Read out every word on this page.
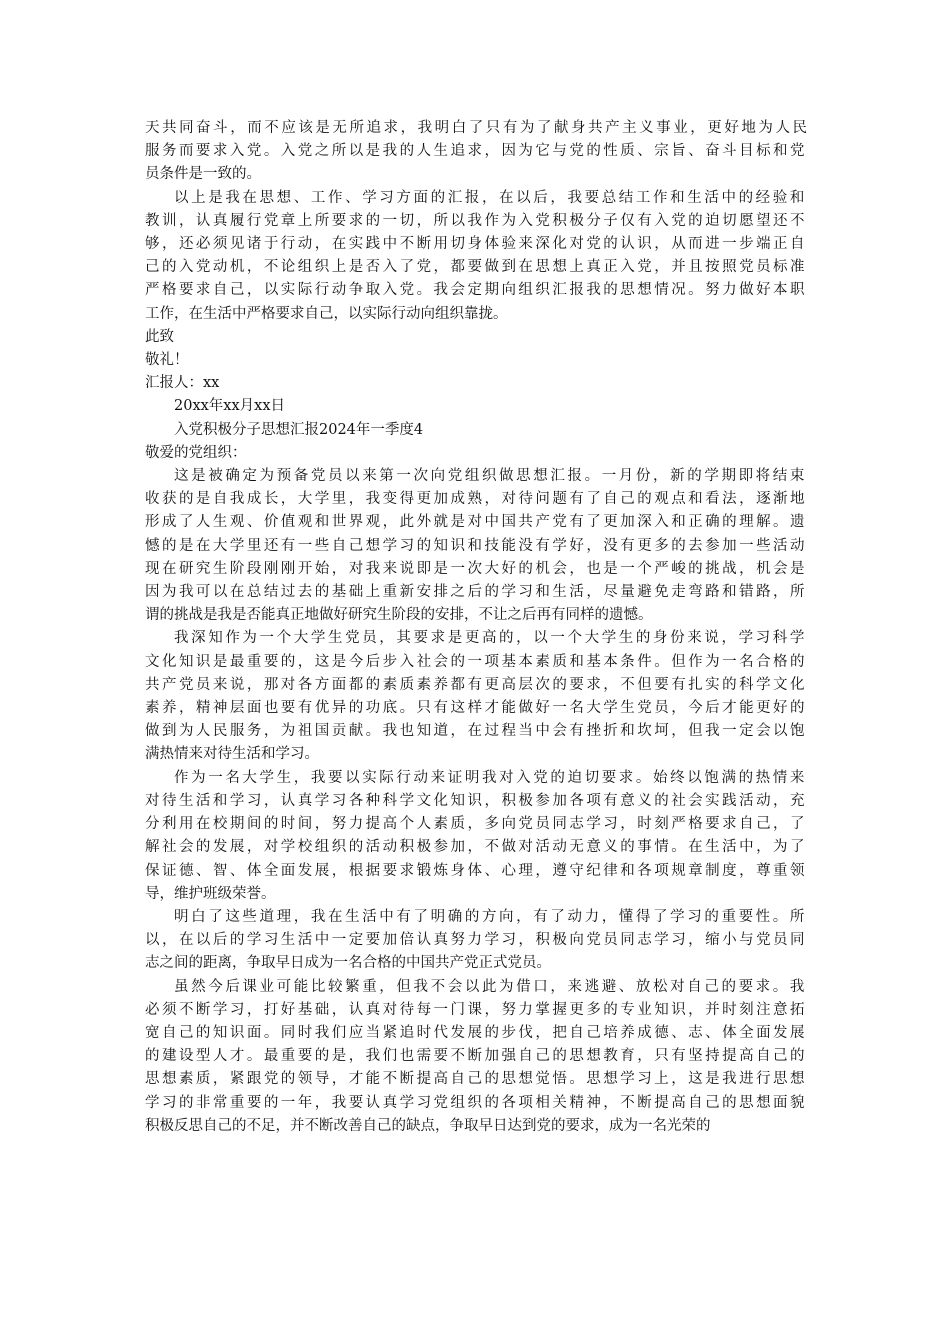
天共同奋斗，而不应该是无所追求，我明白了只有为了献身共产主义事业，更好地为人民
服务而要求入党。入党之所以是我的人生追求，因为它与党的性质、宗旨、奋斗目标和党
员条件是一致的。
以上是我在思想、工作、学习方面的汇报，在以后，我要总结工作和生活中的经验和
教训，认真履行党章上所要求的一切，所以我作为入党积极分子仅有入党的迫切愿望还不
够，还必须见诸于行动，在实践中不断用切身体验来深化对党的认识，从而进一步端正自
己的入党动机，不论组织上是否入了党，都要做到在思想上真正入党，并且按照党员标准
严格要求自己，以实际行动争取入党。我会定期向组织汇报我的思想情况。努力做好本职
工作，在生活中严格要求自己，以实际行动向组织靠拢。
此致
敬礼！
汇报人：xx
20xx年xx月xx日
入党积极分子思想汇报2024年一季度4
敬爱的党组织：
这是被确定为预备党员以来第一次向党组织做思想汇报。一月份，新的学期即将结束
收获的是自我成长，大学里，我变得更加成熟，对待问题有了自己的观点和看法，逐渐地
形成了人生观、价值观和世界观，此外就是对中国共产党有了更加深入和正确的理解。遗
憾的是在大学里还有一些自己想学习的知识和技能没有学好，没有更多的去参加一些活动
现在研究生阶段刚刚开始，对我来说即是一次大好的机会，也是一个严峻的挑战，机会是
因为我可以在总结过去的基础上重新安排之后的学习和生活，尽量避免走弯路和错路，所
谓的挑战是我是否能真正地做好研究生阶段的安排，不让之后再有同样的遗憾。
我深知作为一个大学生党员，其要求是更高的，以一个大学生的身份来说，学习科学
文化知识是最重要的，这是今后步入社会的一项基本素质和基本条件。但作为一名合格的
共产党员来说，那对各方面都的素质素养都有更高层次的要求，不但要有扎实的科学文化
素养，精神层面也要有优异的功底。只有这样才能做好一名大学生党员，今后才能更好的
做到为人民服务，为祖国贡献。我也知道，在过程当中会有挫折和坎坷，但我一定会以饱
满热情来对待生活和学习。
作为一名大学生，我要以实际行动来证明我对入党的迫切要求。始终以饱满的热情来
对待生活和学习，认真学习各种科学文化知识，积极参加各项有意义的社会实践活动，充
分利用在校期间的时间，努力提高个人素质，多向党员同志学习，时刻严格要求自己，了
解社会的发展，对学校组织的活动积极参加，不做对活动无意义的事情。在生活中，为了
保证德、智、体全面发展，根据要求锻炼身体、心理，遵守纪律和各项规章制度，尊重领
导，维护班级荣誉。
明白了这些道理，我在生活中有了明确的方向，有了动力，懂得了学习的重要性。所
以，在以后的学习生活中一定要加倍认真努力学习，积极向党员同志学习，缩小与党员同
志之间的距离，争取早日成为一名合格的中国共产党正式党员。
虽然今后课业可能比较繁重，但我不会以此为借口，来逃避、放松对自己的要求。我
必须不断学习，打好基础，认真对待每一门课，努力掌握更多的专业知识，并时刻注意拓
宽自己的知识面。同时我们应当紧追时代发展的步伐，把自己培养成德、志、体全面发展
的建设型人才。最重要的是，我们也需要不断加强自己的思想教育，只有坚持提高自己的
思想素质，紧跟党的领导，才能不断提高自己的思想觉悟。思想学习上，这是我进行思想
学习的非常重要的一年，我要认真学习党组织的各项相关精神，不断提高自己的思想面貌
积极反思自己的不足，并不断改善自己的缺点，争取早日达到党的要求，成为一名光荣的
